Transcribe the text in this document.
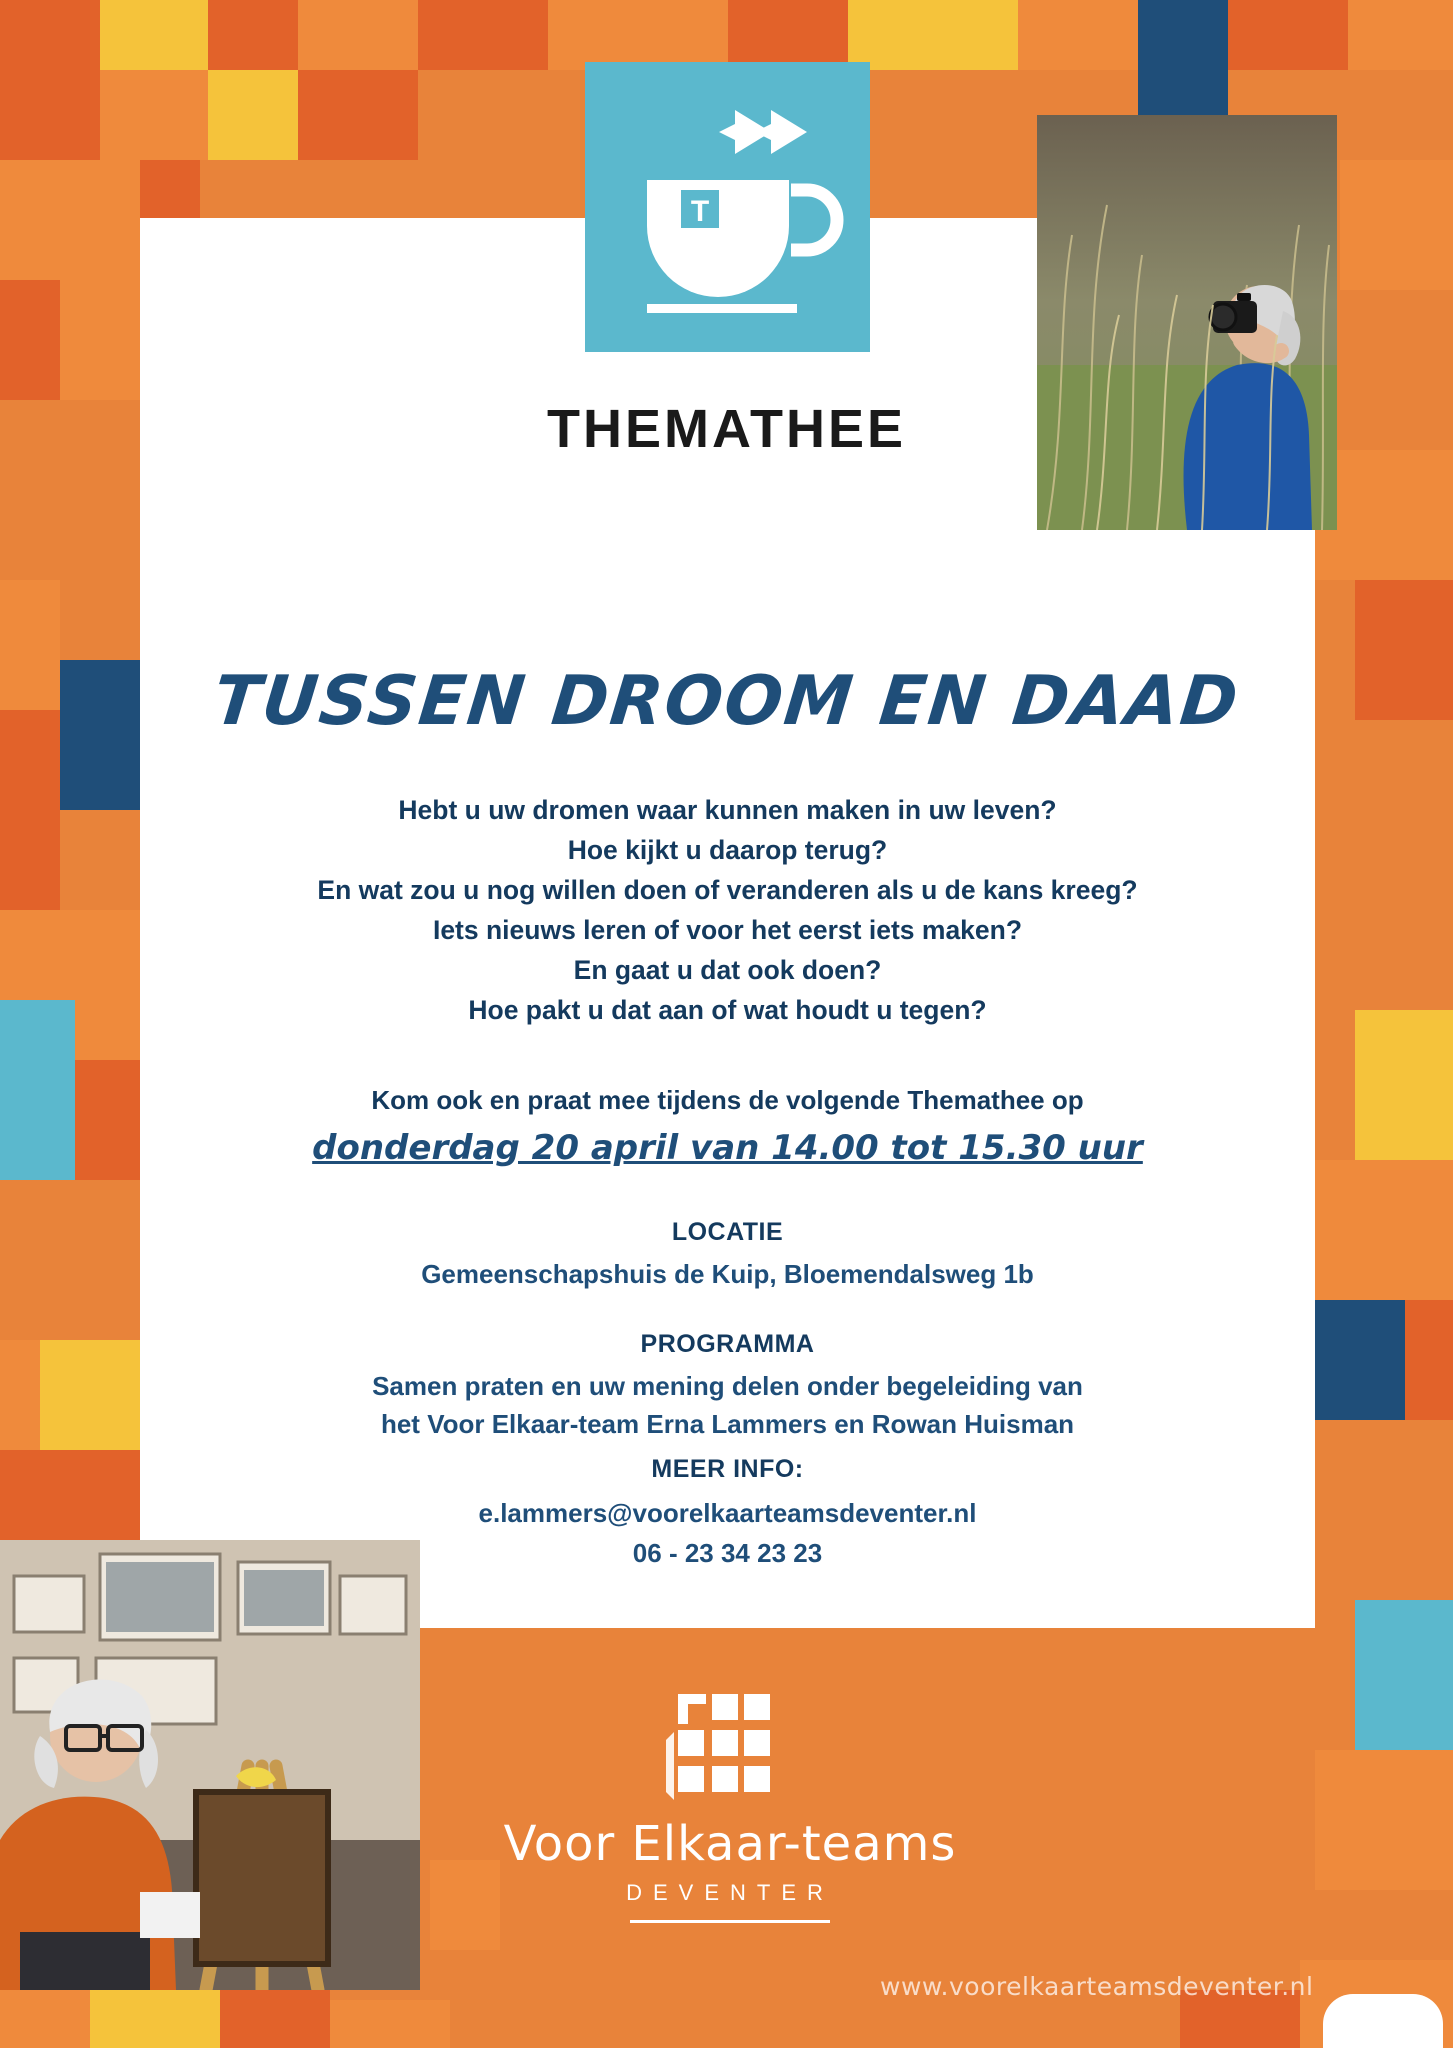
T
THEMATHEE
TUSSEN DROOM EN DAAD
Hebt u uw dromen waar kunnen maken in uw leven?
Hoe kijkt u daarop terug?
En wat zou u nog willen doen of veranderen als u de kans kreeg?
Iets nieuws leren of voor het eerst iets maken?
En gaat u dat ook doen?
Hoe pakt u dat aan of wat houdt u tegen?
Kom ook en praat mee tijdens de volgende Themathee op
donderdag 20 april van 14.00 tot 15.30 uur
LOCATIE
Gemeenschapshuis de Kuip, Bloemendalsweg 1b
PROGRAMMA
Samen praten en uw mening delen onder begeleiding van
het Voor Elkaar-team Erna Lammers en Rowan Huisman
MEER INFO:
e.lammers@voorelkaarteamsdeventer.nl
06 - 23 34 23 23
Voor Elkaar-teams
DEVENTER
www.voorelkaarteamsdeventer.nl
